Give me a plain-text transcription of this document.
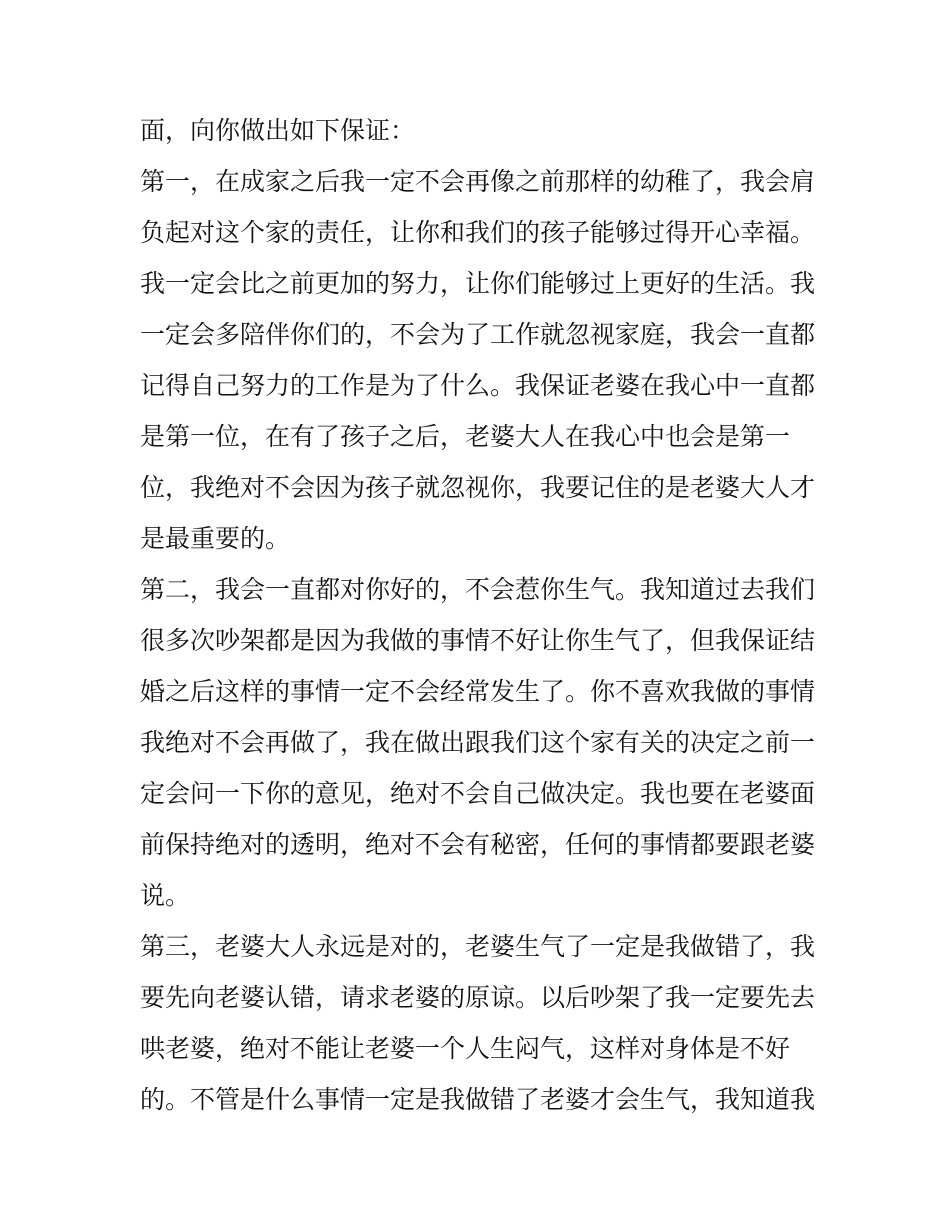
面，向你做出如下保证：
第一，在成家之后我一定不会再像之前那样的幼稚了，我会肩
负起对这个家的责任，让你和我们的孩子能够过得开心幸福。
我一定会比之前更加的努力，让你们能够过上更好的生活。我
一定会多陪伴你们的，不会为了工作就忽视家庭，我会一直都
记得自己努力的工作是为了什么。我保证老婆在我心中一直都
是第一位，在有了孩子之后，老婆大人在我心中也会是第一
位，我绝对不会因为孩子就忽视你，我要记住的是老婆大人才
是最重要的。
第二，我会一直都对你好的，不会惹你生气。我知道过去我们
很多次吵架都是因为我做的事情不好让你生气了，但我保证结
婚之后这样的事情一定不会经常发生了。你不喜欢我做的事情
我绝对不会再做了，我在做出跟我们这个家有关的决定之前一
定会问一下你的意见，绝对不会自己做决定。我也要在老婆面
前保持绝对的透明，绝对不会有秘密，任何的事情都要跟老婆
说。
第三，老婆大人永远是对的，老婆生气了一定是我做错了，我
要先向老婆认错，请求老婆的原谅。以后吵架了我一定要先去
哄老婆，绝对不能让老婆一个人生闷气，这样对身体是不好
的。不管是什么事情一定是我做错了老婆才会生气，我知道我
